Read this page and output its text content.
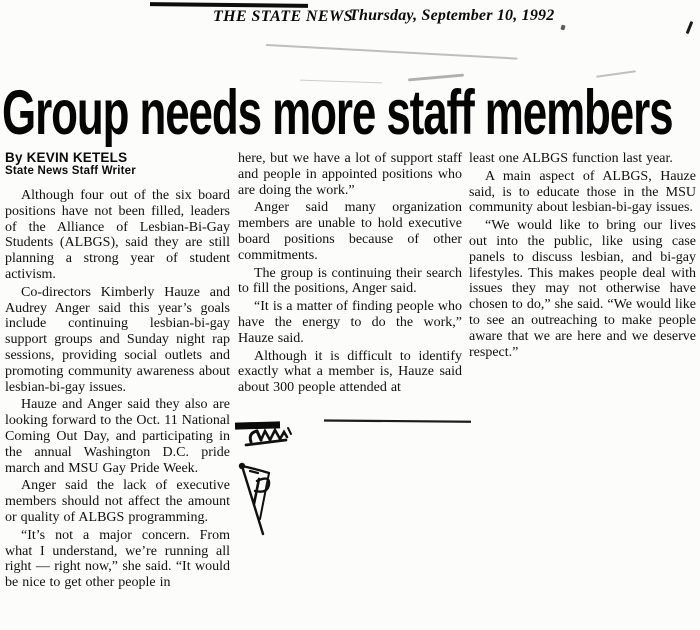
THE STATE NEWS
Thursday, September 10, 1992
Group needs more staff members
By KEVIN KETELS
State News Staff Writer

Although four out of the six board positions have not been filled, leaders of the Alliance of Lesbian-Bi-Gay Students (ALBGS), said they are still planning a strong year of student activism.

Co-directors Kimberly Hauze and Audrey Anger said this year’s goals include continuing lesbian-bi-gay support groups and Sunday night rap sessions, providing social outlets and promoting community awareness about lesbian-bi-gay issues.

Hauze and Anger said they also are looking forward to the Oct. 11 National Coming Out Day, and participating in the annual Washington D.C. pride march and MSU Gay Pride Week.

Anger said the lack of executive members should not affect the amount or quality of ALBGS programming.

“It’s not a major concern. From what I understand, we’re running all right — right now,” she said. “It would be nice to get other people in

here, but we have a lot of support staff and people in appointed positions who are doing the work.”

Anger said many organization members are unable to hold executive board positions because of other commitments.

The group is continuing their search to fill the positions, Anger said.

“It is a matter of finding people who have the energy to do the work,” Hauze said.

Although it is difficult to identify exactly what a member is, Hauze said about 300 people attended at

least one ALBGS function last year.

A main aspect of ALBGS, Hauze said, is to educate those in the MSU community about lesbian-bi-gay issues.

“We would like to bring our lives out into the public, like using case panels to discuss lesbian, and bi-gay lifestyles. This makes people deal with issues they may not otherwise have chosen to do,” she said. “We would like to see an outreaching to make people aware that we are here and we deserve respect.”
